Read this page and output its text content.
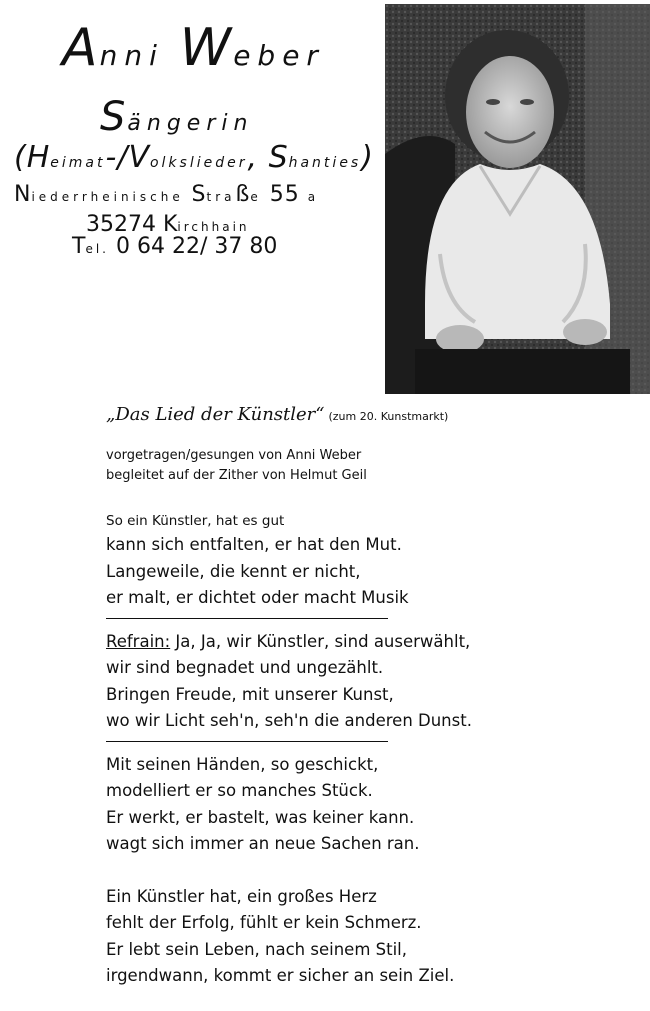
Anni Weber
Sängerin
(Heimat-/Volkslieder, Shanties)
Niederrheinische Straße 55 a
35274 Kirchhain
Tel. 0 64 22/ 37 80
„Das Lied der Künstler“ (zum 20. Kunstmarkt)
vorgetragen/gesungen von Anni Weber
begleitet auf der Zither von Helmut Geil
So ein Künstler, hat es gut
kann sich entfalten, er hat den Mut.
Langeweile, die kennt er nicht,
er malt, er dichtet oder macht Musik
Refrain: Ja, Ja, wir Künstler, sind auserwählt,
wir sind begnadet und ungezählt.
Bringen Freude, mit unserer Kunst,
wo wir Licht seh'n, seh'n die anderen Dunst.
Mit seinen Händen, so geschickt,
modelliert er so manches Stück.
Er werkt, er bastelt, was keiner kann.
wagt sich immer an neue Sachen ran.
Ein Künstler hat, ein großes Herz
fehlt der Erfolg, fühlt er kein Schmerz.
Er lebt sein Leben, nach seinem Stil,
irgendwann, kommt er sicher an sein Ziel.
